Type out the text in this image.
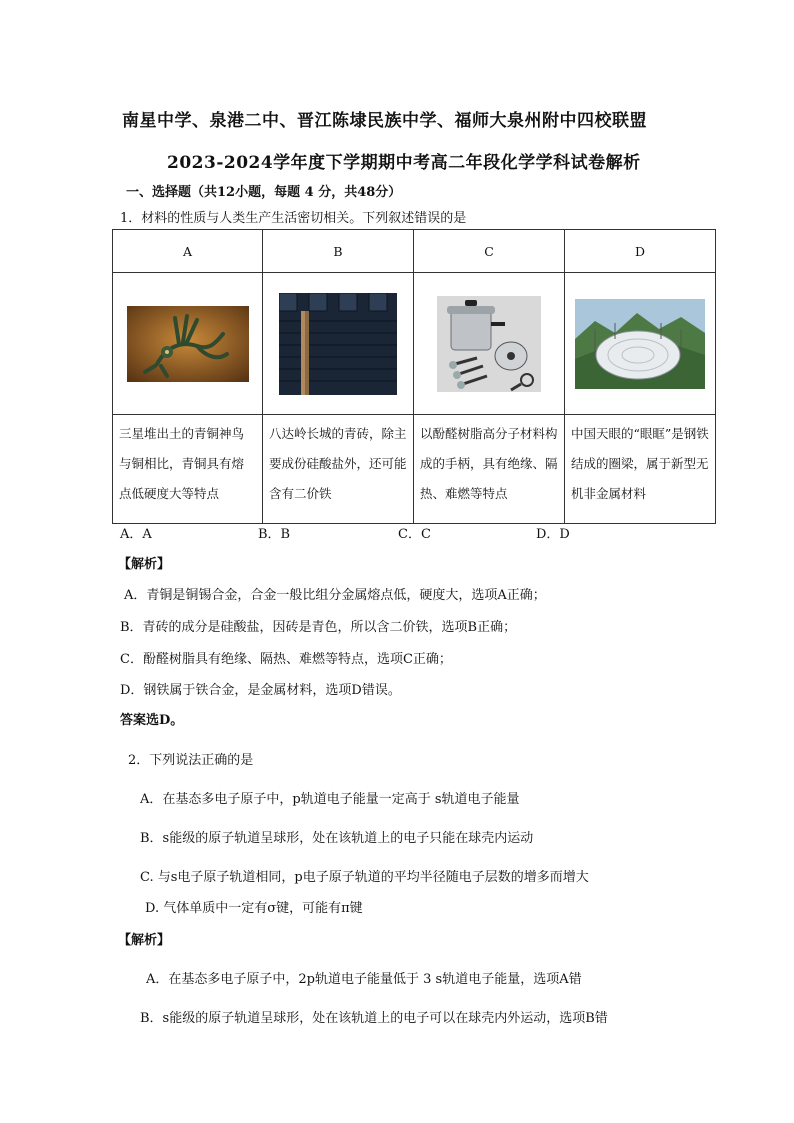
南星中学、泉港二中、晋江陈埭民族中学、福师大泉州附中四校联盟
2023-2024学年度下学期期中考高二年段化学学科试卷解析
一、选择题（共12小题，每题 4 分，共48分）
1．材料的性质与人类生产生活密切相关。下列叙述错误的是
A	B	C	D

三星堆出土的青铜神鸟与铜相比，青铜具有熔点低硬度大等特点	八达岭长城的青砖，除主要成份硅酸盐外，还可能含有二价铁	以酚醛树脂高分子材料构成的手柄，具有绝缘、隔热、难燃等特点	中国天眼的“眼眶”是钢铁结成的圈梁，属于新型无机非金属材料
A．A	B．B	C．C	D．D
【解析】
A．青铜是铜锡合金，合金一般比组分金属熔点低，硬度大，选项A正确；
B．青砖的成分是硅酸盐，因砖是青色，所以含二价铁，选项B正确；
C．酚醛树脂具有绝缘、隔热、难燃等特点，选项C正确；
D．钢铁属于铁合金，是金属材料，选项D错误。
答案选D。
2．下列说法正确的是
A．在基态多电子原子中，p轨道电子能量一定高于 s轨道电子能量
B．s能级的原子轨道呈球形，处在该轨道上的电子只能在球壳内运动
C. 与s电子原子轨道相同，p电子原子轨道的平均半径随电子层数的增多而增大
D. 气体单质中一定有σ键，可能有π键
【解析】
A．在基态多电子原子中，2p轨道电子能量低于 3 s轨道电子能量，选项A错
B．s能级的原子轨道呈球形，处在该轨道上的电子可以在球壳内外运动，选项B错
